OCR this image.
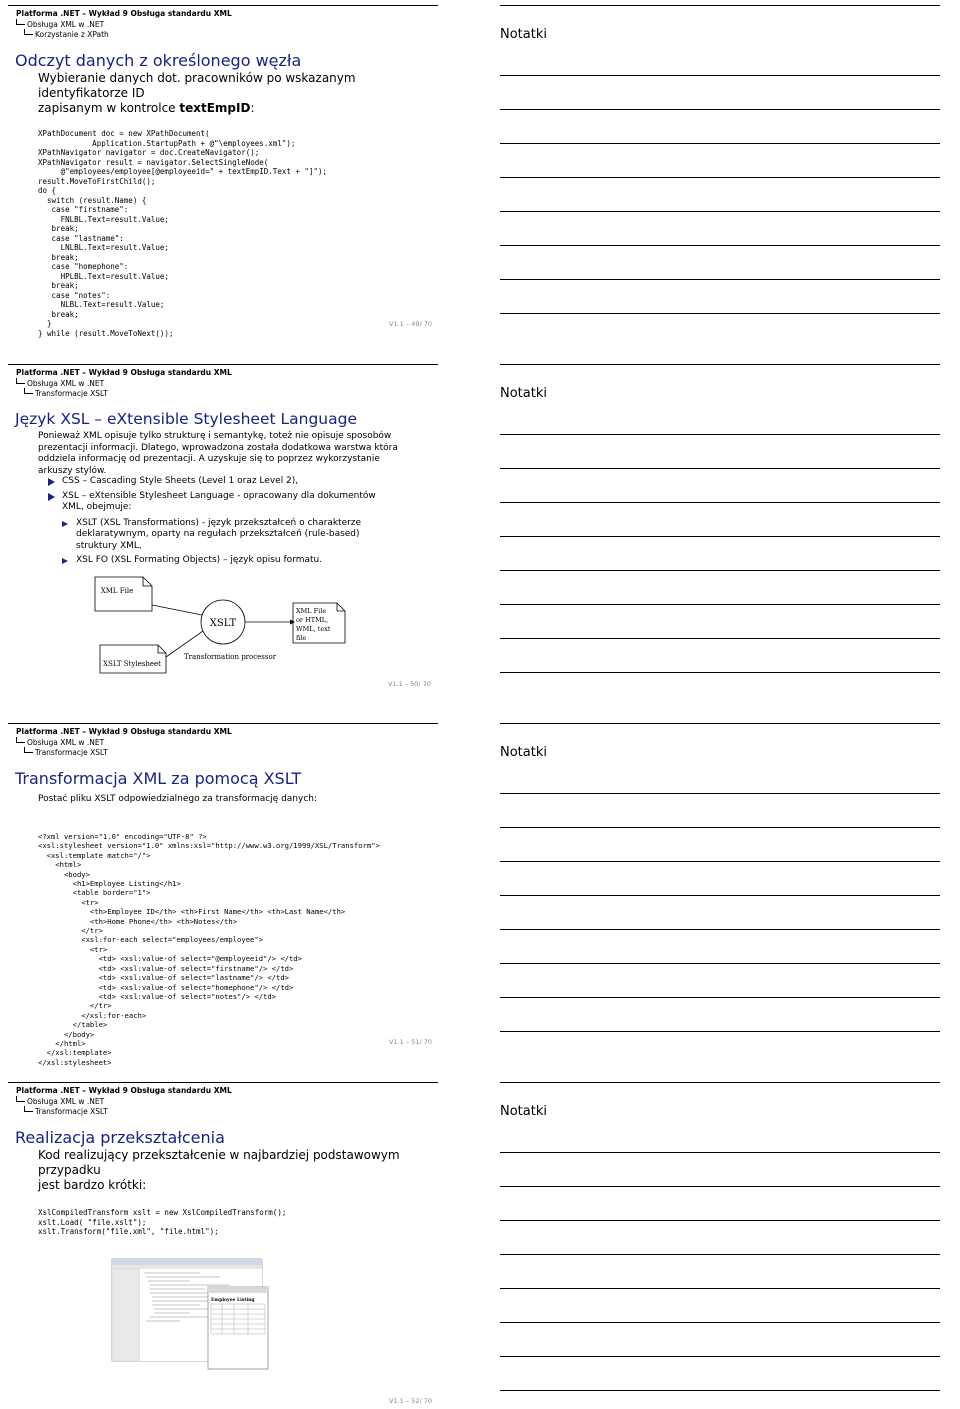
Platforma .NET – Wykład 9 Obsługa standardu XML
Obsługa XML w .NET
Korzystanie z XPath
Odczyt danych z określonego węzła
Wybieranie danych dot. pracowników po wskazanym identyfikatorze ID
zapisanym w kontrolce textEmpID:
XPathDocument doc = new XPathDocument(
Application.StartupPath + @"\employees.xml");
XPathNavigator navigator = doc.CreateNavigator();
XPathNavigator result = navigator.SelectSingleNode(
@"employees/employee[@employeeid=" + textEmpID.Text + "]");
result.MoveToFirstChild();
do {
switch (result.Name) {
case "firstname":
FNLBL.Text=result.Value;
break;
case "lastname":
LNLBL.Text=result.Value;
break;
case "homephone":
HPLBL.Text=result.Value;
break;
case "notes":
NLBL.Text=result.Value;
break;
}
} while (result.MoveToNext());
V1.1 – 49/ 70
Notatki
Platforma .NET – Wykład 9 Obsługa standardu XML
Obsługa XML w .NET
Transformacje XSLT
Język XSL – eXtensible Stylesheet Language
Ponieważ XML opisuje tylko strukturę i semantykę, toteż nie opisuje sposobów prezentacji informacji. Dlatego, wprowadzona została dodatkowa warstwa która oddziela informację od prezentacji. A uzyskuje się to poprzez wykorzystanie arkuszy stylów.
CSS – Cascading Style Sheets (Level 1 oraz Level 2),
XSL – eXtensible Stylesheet Language - opracowany dla dokumentów XML, obejmuje:
XSLT (XSL Transformations) - język przekształceń o charakterze deklaratywnym, oparty na regułach przekształceń (rule-based) struktury XML,
XSL FO (XSL Formating Objects) – język opisu formatu.
XML File
XSLT
XML File
or HTML,
WML, text
file
XSLT Stylesheet
Transformation processor
V1.1 – 50/ 70
Notatki
Platforma .NET – Wykład 9 Obsługa standardu XML
Obsługa XML w .NET
Transformacje XSLT
Transformacja XML za pomocą XSLT
Postać pliku XSLT odpowiedzialnego za transformację danych:
<?xml version="1.0" encoding="UTF-8" ?>
<xsl:stylesheet version="1.0" xmlns:xsl="http://www.w3.org/1999/XSL/Transform">
<xsl:template match="/">
<html>
<body>
<h1>Employee Listing</h1>
<table border="1">
<tr>
<th>Employee ID</th> <th>First Name</th> <th>Last Name</th>
<th>Home Phone</th> <th>Notes</th>
</tr>
<xsl:for-each select="employees/employee">
<tr>
<td> <xsl:value-of select="@employeeid"/> </td>
<td> <xsl:value-of select="firstname"/> </td>
<td> <xsl:value-of select="lastname"/> </td>
<td> <xsl:value-of select="homephone"/> </td>
<td> <xsl:value-of select="notes"/> </td>
</tr>
</xsl:for-each>
</table>
</body>
</html>
</xsl:template>
</xsl:stylesheet>
V1.1 – 51/ 70
Notatki
Platforma .NET – Wykład 9 Obsługa standardu XML
Obsługa XML w .NET
Transformacje XSLT
Realizacja przekształcenia
Kod realizujący przekształcenie w najbardziej podstawowym przypadku
jest bardzo krótki:
XslCompiledTransform xslt = new XslCompiledTransform();
xslt.Load( "file.xslt");
xslt.Transform("file.xml", "file.html");
V1.1 – 52/ 70
Employee Listing
Notatki
